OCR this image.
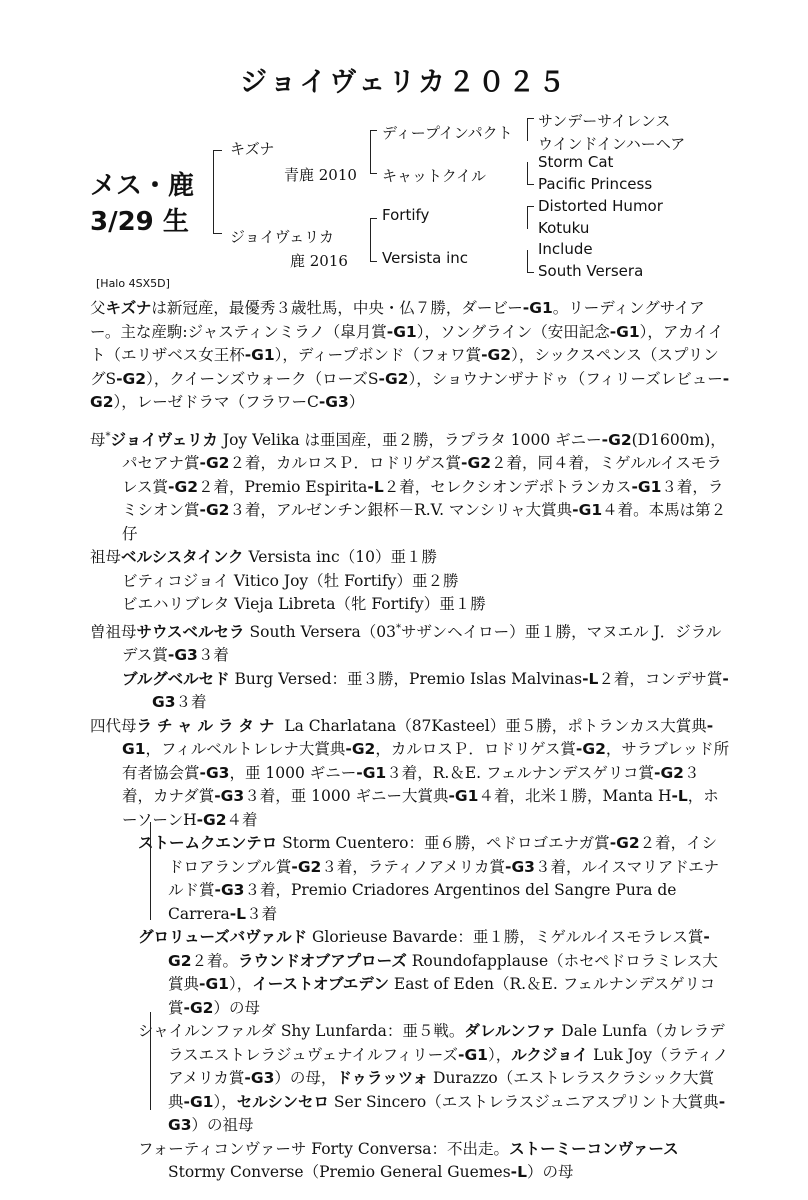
ジョイヴェリカ２０２５
メス・鹿
3/29 生
キズナ
青鹿 2010
ジョイヴェリカ
鹿 2016
ディープインパクト
キャットクイル
Fortify
Versista inc
サンデーサイレンス
ウインドインハーヘア
Storm Cat
Pacific Princess
Distorted Humor
Kotuku
Include
South Versera
[Halo 4SX5D]

父キズナは新冠産，最優秀３歳牡馬，中央・仏７勝，ダービー-G1。リーディングサイアー。主な産駒:ジャスティンミラノ（皐月賞-G1），ソングライン（安田記念-G1），アカイイト（エリザベス女王杯-G1），ディープボンド（フォワ賞-G2），シックスペンス（スプリングS-G2），クイーンズウォーク（ローズS-G2），ショウナンザナドゥ（フィリーズレビュー-G2），レーゼドラマ（フラワーC-G3）

母*ジョイヴェリカ Joy Velika は亜国産，亜２勝，ラプラタ 1000 ギニー-G2(D1600m)，パセアナ賞-G2２着，カルロスＰ．ロドリゲス賞-G2２着，同４着，ミゲルルイスモラレス賞-G2２着，Premio Espirita-L２着，セレクシオンデポトランカス-G1３着，ラミシオン賞-G2３着，アルゼンチン銀杯－R.V. マンシリャ大賞典-G1４着。本馬は第２仔

祖母ベルシスタインク Versista inc（10）亜１勝

ビティコジョイ Vitico Joy（牡 Fortify）亜２勝

ビエハリブレタ Vieja Libreta（牝 Fortify）亜１勝

曽祖母サウスベルセラ South Versera（03*サザンヘイロー）亜１勝，マヌエル J．ジラルデス賞-G3３着

ブルグベルセド Burg Versed：亜３勝，Premio Islas Malvinas-L２着，コンデサ賞-G3３着

四代母ラチャルラタナ La Charlatana（87Kasteel）亜５勝，ポトランカス大賞典-G1，フィルベルトレレナ大賞典-G2，カルロスＰ．ロドリゲス賞-G2，サラブレッド所有者協会賞-G3，亜 1000 ギニー-G1３着，R.＆E. フェルナンデスゲリコ賞-G2３着，カナダ賞-G3３着，亜 1000 ギニー大賞典-G1４着，北米１勝，Manta H-L，ホーソーンH-G2４着

ストームクエンテロ Storm Cuentero：亜６勝，ペドロゴエナガ賞-G2２着，イシドロアランブル賞-G2３着，ラティノアメリカ賞-G3３着，ルイスマリアドエナルド賞-G3３着，Premio Criadores Argentinos del Sangre Pura de Carrera-L３着

グロリューズバヴァルド Glorieuse Bavarde：亜１勝，ミゲルルイスモラレス賞-G2２着。ラウンドオブアプローズ Roundofapplause（ホセペドロラミレス大賞典-G1），イーストオブエデン East of Eden（R.＆E. フェルナンデスゲリコ賞-G2）の母

シャイルンファルダ Shy Lunfarda：亜５戦。ダレルンファ Dale Lunfa（カレラデラスエストレラジュヴェナイルフィリーズ-G1），ルクジョイ Luk Joy（ラティノアメリカ賞-G3）の母，ドゥラッツォ Durazzo（エストレラスクラシック大賞典-G1），セルシンセロ Ser Sincero（エストレラスジュニアスプリント大賞典-G3）の祖母

フォーティコンヴァーサ Forty Conversa：不出走。ストーミーコンヴァース Stormy Converse（Premio General Guemes-L）の母
